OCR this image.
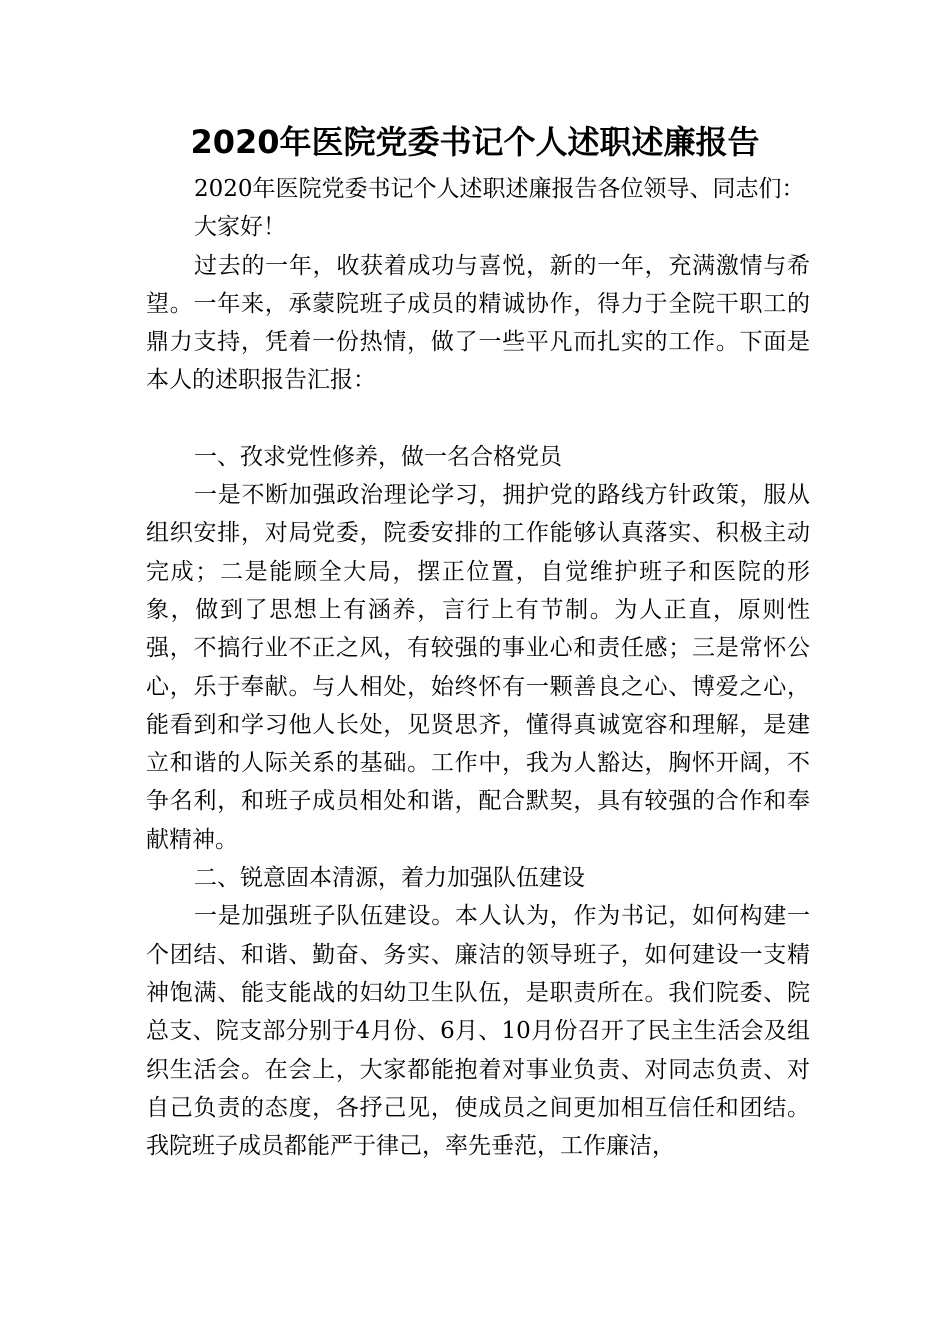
2020年医院党委书记个人述职述廉报告

2020年医院党委书记个人述职述廉报告各位领导、同志们：

大家好！

过去的一年，收获着成功与喜悦，新的一年，充满激情与希望。一年来，承蒙院班子成员的精诚协作，得力于全院干职工的鼎力支持，凭着一份热情，做了一些平凡而扎实的工作。下面是本人的述职报告汇报：

一、孜求党性修养，做一名合格党员

一是不断加强政治理论学习，拥护党的路线方针政策，服从组织安排，对局党委，院委安排的工作能够认真落实、积极主动完成；二是能顾全大局，摆正位置，自觉维护班子和医院的形象，做到了思想上有涵养，言行上有节制。为人正直，原则性强，不搞行业不正之风，有较强的事业心和责任感；三是常怀公心，乐于奉献。与人相处，始终怀有一颗善良之心、博爱之心，能看到和学习他人长处，见贤思齐，懂得真诚宽容和理解，是建立和谐的人际关系的基础。工作中，我为人豁达，胸怀开阔，不争名利，和班子成员相处和谐，配合默契，具有较强的合作和奉献精神。

二、锐意固本清源，着力加强队伍建设

一是加强班子队伍建设。本人认为，作为书记，如何构建一个团结、和谐、勤奋、务实、廉洁的领导班子，如何建设一支精神饱满、能支能战的妇幼卫生队伍，是职责所在。我们院委、院总支、院支部分别于4月份、6月、10月份召开了民主生活会及组织生活会。在会上，大家都能抱着对事业负责、对同志负责、对自己负责的态度，各抒己见，使成员之间更加相互信任和团结。我院班子成员都能严于律己，率先垂范，工作廉洁，
